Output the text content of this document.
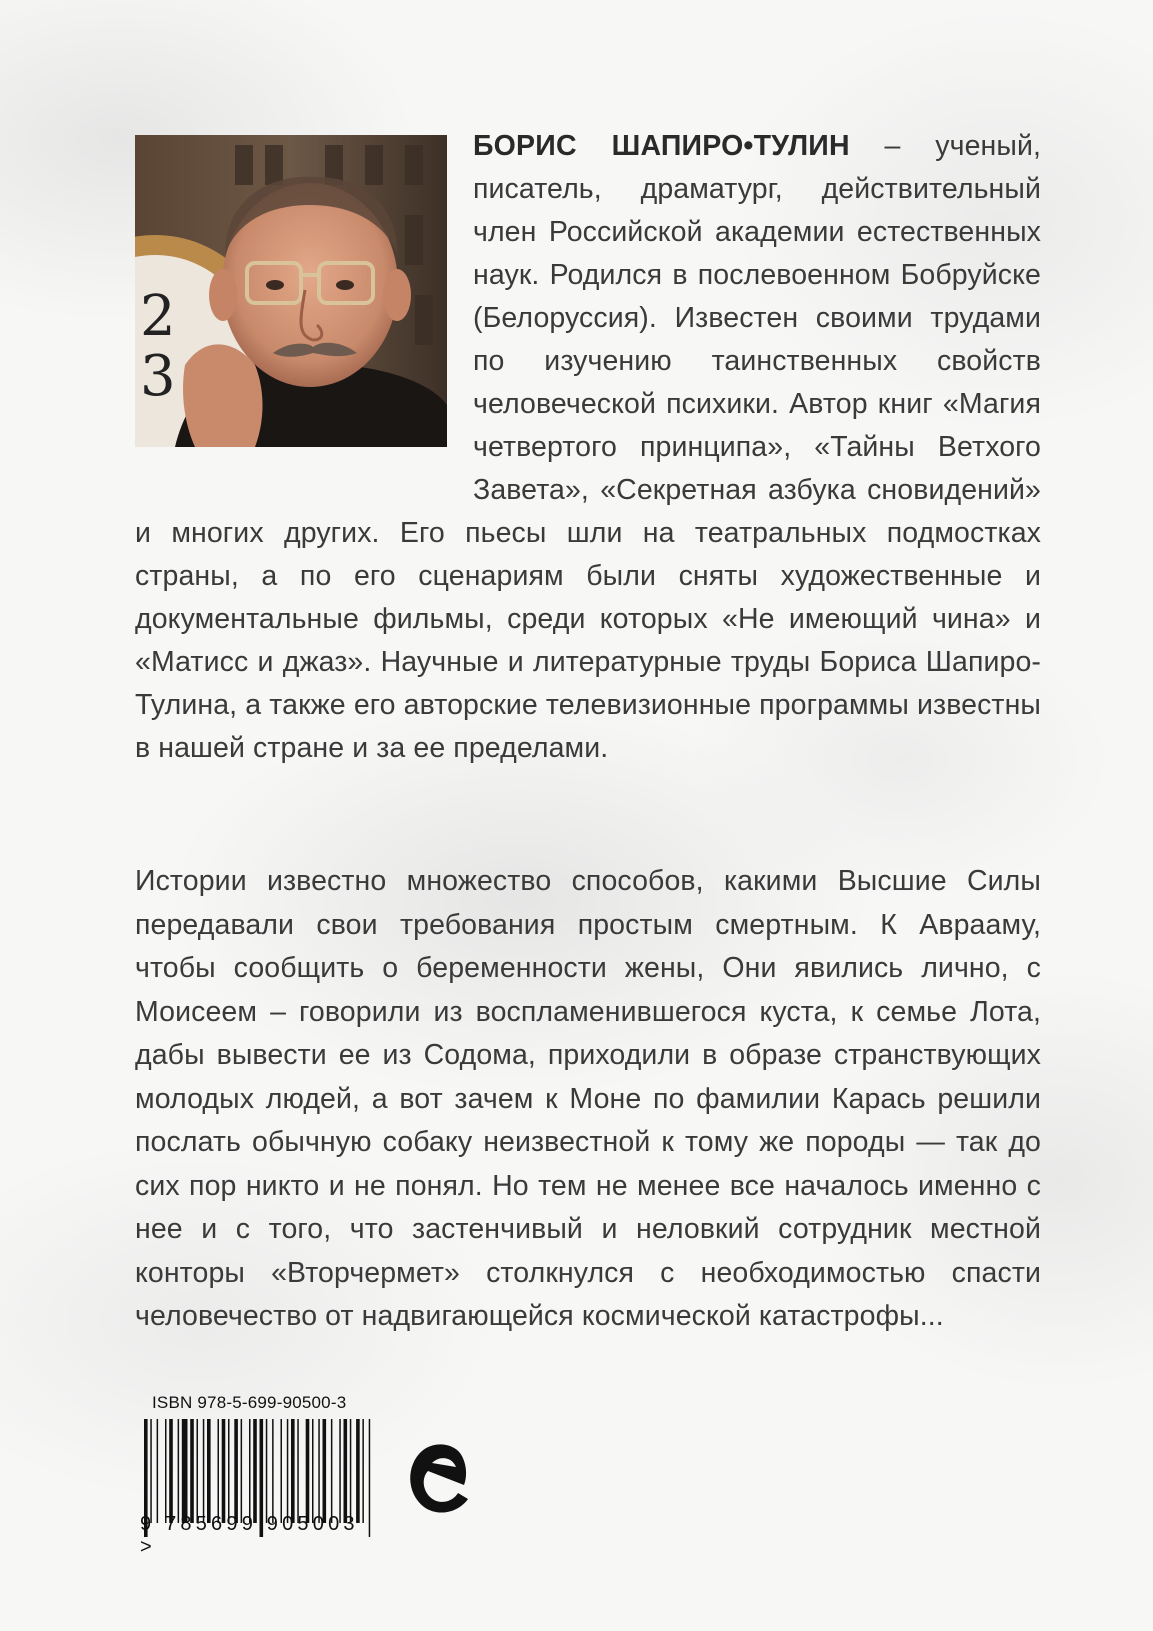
2
3

БОРИС ШАПИРО•ТУЛИН – ученый, писатель, драматург, действительный член Российской академии естественных наук. Родился в послевоенном Бобруйске (Белоруссия). Известен своими трудами по изучению таинственных свойств человеческой психики. Автор книг «Магия четвертого принципа», «Тайны Ветхого Завета», «Секретная азбука сновидений» и многих других. Его пьесы шли на театральных подмостках страны, а по его сценариям были сняты художественные и документальные фильмы, среди которых «Не имеющий чина» и «Матисс и джаз». Научные и литературные труды Бориса Шапиро-Тулина, а также его авторские телевизионные программы известны в нашей стране и за ее пределами.

Истории известно множество способов, какими Высшие Силы передавали свои требования простым смертным. К Аврааму, чтобы сообщить о беременности жены, Они явились лично, с Моисеем – говорили из воспламенившегося куста, к семье Лота, дабы вывести ее из Содома, приходили в образе странствующих молодых людей, а вот зачем к Моне по фамилии Карась решили послать обычную собаку неизвестной к тому же породы — так до сих пор никто и не понял. Но тем не менее все началось именно с нее и с того, что застенчивый и неловкий сотрудник местной конторы «Вторчермет» столкнулся с необходимостью спасти человечество от надвигающейся космической катастрофы...

ISBN 978-5-699-90500-3
9 785699 905003 >
